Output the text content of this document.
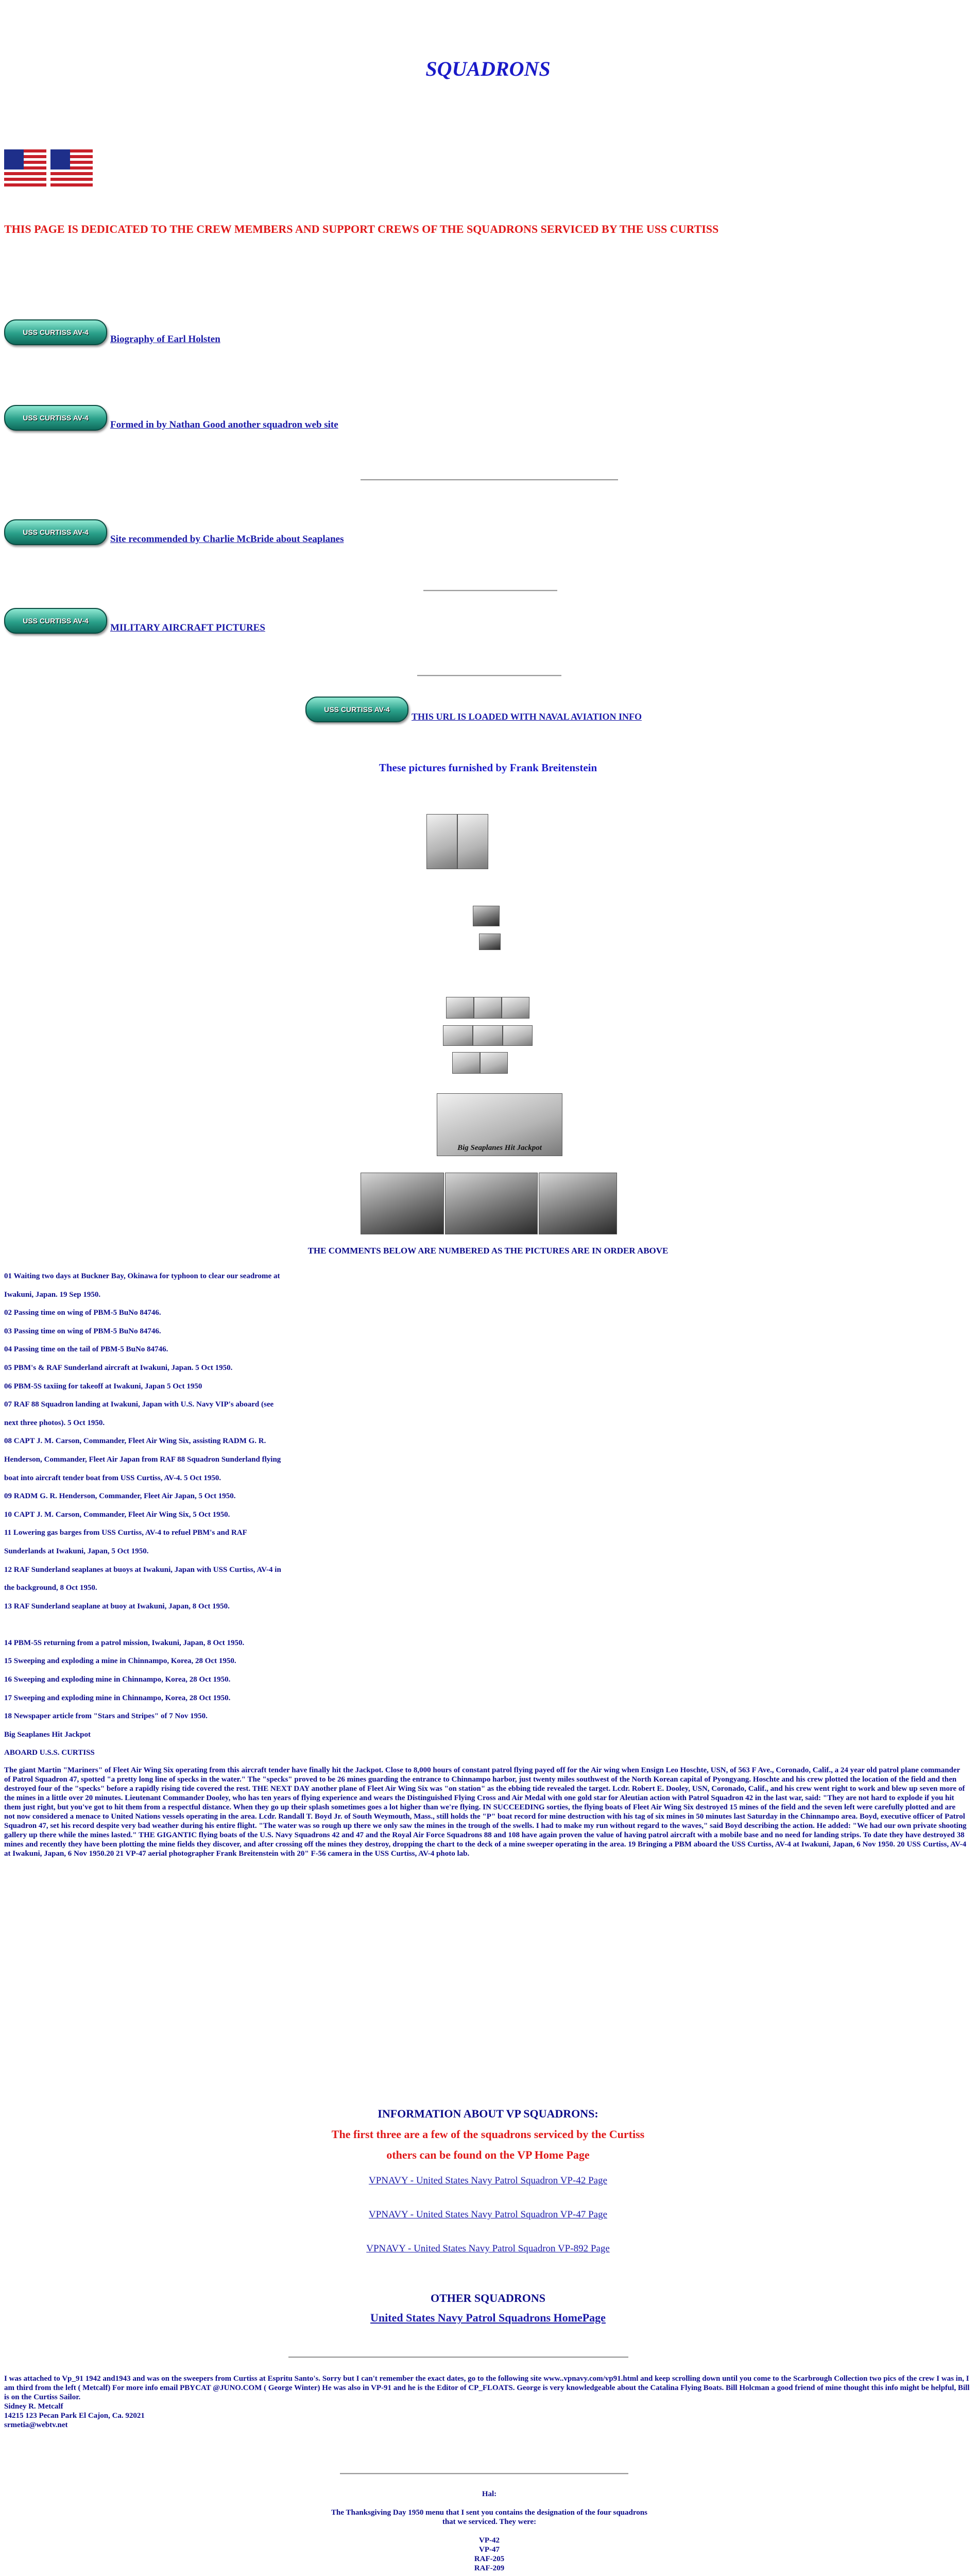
SQUADRONS
THIS PAGE IS DEDICATED TO THE CREW MEMBERS AND SUPPORT CREWS OF THE SQUADRONS SERVICED BY THE USS CURTISS
USS CURTISS AV-4
Biography of Earl Holsten
USS CURTISS AV-4
Formed in by Nathan Good another squadron web site
USS CURTISS AV-4
Site recommended by Charlie McBride about Seaplanes
USS CURTISS AV-4
MILITARY AIRCRAFT PICTURES
USS CURTISS AV-4
THIS URL IS LOADED WITH NAVAL AVIATION INFO
These pictures furnished by Frank Breitenstein
Big Seaplanes Hit Jackpot
THE COMMENTS BELOW ARE NUMBERED AS THE PICTURES ARE IN ORDER ABOVE
01 Waiting two days at Buckner Bay, Okinawa for typhoon to clear our seadrome at
Iwakuni, Japan. 19 Sep 1950.
02 Passing time on wing of PBM-5 BuNo 84746.
03 Passing time on wing of PBM-5 BuNo 84746.
04 Passing time on the tail of PBM-5 BuNo 84746.
05 PBM's & RAF Sunderland aircraft at Iwakuni, Japan. 5 Oct 1950.
06 PBM-5S taxiing for takeoff at Iwakuni, Japan 5 Oct 1950
07 RAF 88 Squadron landing at Iwakuni, Japan with U.S. Navy VIP's aboard (see
next three photos). 5 Oct 1950.
08 CAPT J. M. Carson, Commander, Fleet Air Wing Six, assisting RADM G. R.
Henderson, Commander, Fleet Air Japan from RAF 88 Squadron Sunderland flying
boat into aircraft tender boat from USS Curtiss, AV-4. 5 Oct 1950.
09 RADM G. R. Henderson, Commander, Fleet Air Japan, 5 Oct 1950.
10 CAPT J. M. Carson, Commander, Fleet Air Wing Six, 5 Oct 1950.
11 Lowering gas barges from USS Curtiss, AV-4 to refuel PBM's and RAF
Sunderlands at Iwakuni, Japan, 5 Oct 1950.
12 RAF Sunderland seaplanes at buoys at Iwakuni, Japan with USS Curtiss, AV-4 in
the background, 8 Oct 1950.
13 RAF Sunderland seaplane at buoy at Iwakuni, Japan, 8 Oct 1950.

14 PBM-5S returning from a patrol mission, Iwakuni, Japan, 8 Oct 1950.
15 Sweeping and exploding a mine in Chinnampo, Korea, 28 Oct 1950.
16 Sweeping and exploding mine in Chinnampo, Korea, 28 Oct 1950.
17 Sweeping and exploding mine in Chinnampo, Korea, 28 Oct 1950.
18 Newspaper article from "Stars and Stripes" of 7 Nov 1950.
Big Seaplanes Hit Jackpot
ABOARD U.S.S. CURTISS

The giant Martin "Mariners" of Fleet Air Wing Six operating from this aircraft tender have finally hit the Jackpot. Close to 8,000 hours of constant patrol flying payed off for the Air wing when Ensign Leo Hoschte, USN, of 563 F Ave., Coronado, Calif., a 24 year old patrol plane commander of Patrol Squadron 47, spotted "a pretty long line of specks in the water." The "specks" proved to be 26 mines guarding the entrance to Chinnampo harbor, just twenty miles southwest of the North Korean capital of Pyongyang. Hoschte and his crew plotted the location of the field and then destroyed four of the "specks" before a rapidly rising tide covered the rest. THE NEXT DAY another plane of Fleet Air Wing Six was "on station" as the ebbing tide revealed the target. Lcdr. Robert E. Dooley, USN, Coronado, Calif., and his crew went right to work and blew up seven more of the mines in a little over 20 minutes. Lieutenant Commander Dooley, who has ten years of flying experience and wears the Distinguished Flying Cross and Air Medal with one gold star for Aleutian action with Patrol Squadron 42 in the last war, said: "They are not hard to explode if you hit them just right, but you've got to hit them from a respectful distance. When they go up their splash sometimes goes a lot higher than we're flying. IN SUCCEEDING sorties, the flying boats of Fleet Air Wing Six destroyed 15 mines of the field and the seven left were carefully plotted and are not now considered a menace to United Nations vessels operating in the area. Lcdr. Randall T. Boyd Jr. of South Weymouth, Mass., still holds the "P" boat record for mine destruction with his tag of six mines in 50 minutes last Saturday in the Chinnampo area. Boyd, executive officer of Patrol Squadron 47, set his record despite very bad weather during his entire flight. "The water was so rough up there we only saw the mines in the trough of the swells. I had to make my run without regard to the waves," said Boyd describing the action. He added: "We had our own private shooting gallery up there while the mines lasted." THE GIGANTIC flying boats of the U.S. Navy Squadrons 42 and 47 and the Royal Air Force Squadrons 88 and 108 have again proven the value of having patrol aircraft with a mobile base and no need for landing strips. To date they have destroyed 38 mines and recently they have been plotting the mine fields they discover, and after crossing off the mines they destroy, dropping the chart to the deck of a mine sweeper operating in the area. 19 Bringing a PBM aboard the USS Curtiss, AV-4 at Iwakuni, Japan, 6 Nov 1950. 20 USS Curtiss, AV-4 at Iwakuni, Japan, 6 Nov 1950.20 21 VP-47 aerial photographer Frank Breitenstein with 20" F-56 camera in the USS Curtiss, AV-4 photo lab.

INFORMATION ABOUT VP SQUADRONS:
The first three are a few of the squadrons serviced by the Curtiss
others can be found on the VP Home Page
VPNAVY - United States Navy Patrol Squadron VP-42 Page
VPNAVY - United States Navy Patrol Squadron VP-47 Page
VPNAVY - United States Navy Patrol Squadron VP-892 Page
OTHER SQUADRONS
United States Navy Patrol Squadrons HomePage
I was attached to Vp_91 1942 and1943 and was on the sweepers from Curtiss at Espritu Santo's. Sorry but I can't remember the exact dates, go to the following site www..vpnavy.com/vp91.html and keep scrolling down until you come to the Scarbrough Collection two pics of the crew I was in, I am third from the left ( Metcalf) For more info email PBYCAT @JUNO.COM ( George Winter) He was also in VP-91 and he is the Editor of CP_FLOATS. George is very knowledgeable about the Catalina Flying Boats. Bill Holcman a good friend of mine thought this info might be helpful, Bill is on the Curtiss Sailor.
Sidney R. Metcalf
14215 123 Pecan Park El Cajon, Ca. 92021
srmetia@webtv.net
Hal:
The Thanksgiving Day 1950 menu that I sent you contains the designation of the four squadrons that we serviced. They were:
VP-42
VP-47
RAF-205
RAF-209
